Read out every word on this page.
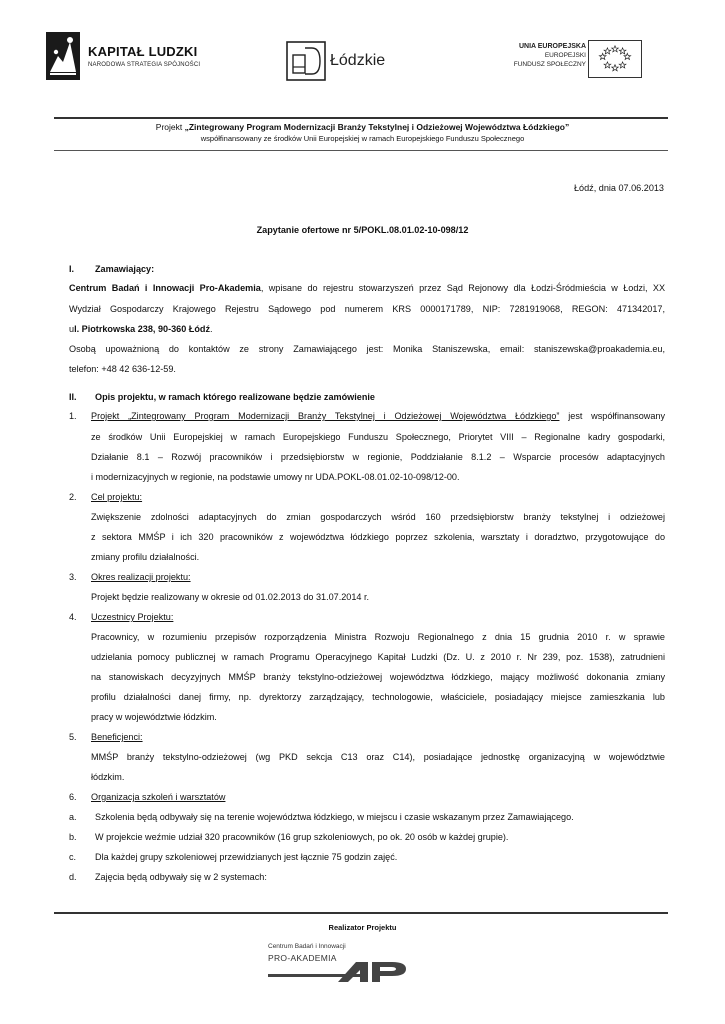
KAPITAŁ LUDZKI
NARODOWA STRATEGIA SPÓJNOŚCI	Łódzkie
UNIA EUROPEJSKA
EUROPEJSKI
FUNDUSZ SPOŁECZNY
Projekt „Zintegrowany Program Modernizacji Branży Tekstylnej i Odzieżowej Województwa Łódzkiego”
współfinansowany ze środków Unii Europejskiej w ramach Europejskiego Funduszu Społecznego
Łódź, dnia 07.06.2013
Zapytanie ofertowe nr 5/POKL.08.01.02-10-098/12
I. Zamawiający:
Centrum Badań i Innowacji Pro-Akademia, wpisane do rejestru stowarzyszeń przez Sąd Rejonowy dla Łodzi-Śródmieścia w Łodzi, XX
Wydział Gospodarczy Krajowego Rejestru Sądowego pod numerem KRS 0000171789, NIP: 7281919068, REGON: 471342017,
ul. Piotrkowska 238, 90-360 Łódź.
Osobą upoważnioną do kontaktów ze strony Zamawiającego jest: Monika Staniszewska, email: staniszewska@proakademia.eu,
telefon: +48 42 636-12-59.
II. Opis projektu, w ramach którego realizowane będzie zamówienie
1. Projekt „Zintegrowany Program Modernizacji Branży Tekstylnej i Odzieżowej Województwa Łódzkiego” jest współfinansowany
ze środków Unii Europejskiej w ramach Europejskiego Funduszu Społecznego, Priorytet VIII – Regionalne kadry gospodarki,
Działanie 8.1 – Rozwój pracowników i przedsiębiorstw w regionie, Poddziałanie 8.1.2 – Wsparcie procesów adaptacyjnych
i modernizacyjnych w regionie, na podstawie umowy nr UDA.POKL-08.01.02-10-098/12-00.
2. Cel projektu:
Zwiększenie zdolności adaptacyjnych do zmian gospodarczych wśród 160 przedsiębiorstw branży tekstylnej i odzieżowej
z sektora MMŚP i ich 320 pracowników z województwa łódzkiego poprzez szkolenia, warsztaty i doradztwo, przygotowujące do
zmiany profilu działalności.
3. Okres realizacji projektu:
Projekt będzie realizowany w okresie od 01.02.2013 do 31.07.2014 r.
4. Uczestnicy Projektu:
Pracownicy, w rozumieniu przepisów rozporządzenia Ministra Rozwoju Regionalnego z dnia 15 grudnia 2010 r. w sprawie
udzielania pomocy publicznej w ramach Programu Operacyjnego Kapitał Ludzki (Dz. U. z 2010 r. Nr 239, poz. 1538), zatrudnieni
na stanowiskach decyzyjnych MMŚP branży tekstylno-odzieżowej województwa łódzkiego, mający możliwość dokonania zmiany
profilu działalności danej firmy, np. dyrektorzy zarządzający, technologowie, właściciele, posiadający miejsce zamieszkania lub
pracy w województwie łódzkim.
5. Beneficjenci:
MMŚP branży tekstylno-odzieżowej (wg PKD sekcja C13 oraz C14), posiadające jednostkę organizacyjną w województwie
łódzkim.
6. Organizacja szkoleń i warsztatów
a. Szkolenia będą odbywały się na terenie województwa łódzkiego, w miejscu i czasie wskazanym przez Zamawiającego.
b. W projekcie weźmie udział 320 pracowników (16 grup szkoleniowych, po ok. 20 osób w każdej grupie).
c. Dla każdej grupy szkoleniowej przewidzianych jest łącznie 75 godzin zajęć.
d. Zajęcia będą odbywały się w 2 systemach:
Realizator Projektu
Centrum Badań i Innowacji
PRO-AKADEMIA
